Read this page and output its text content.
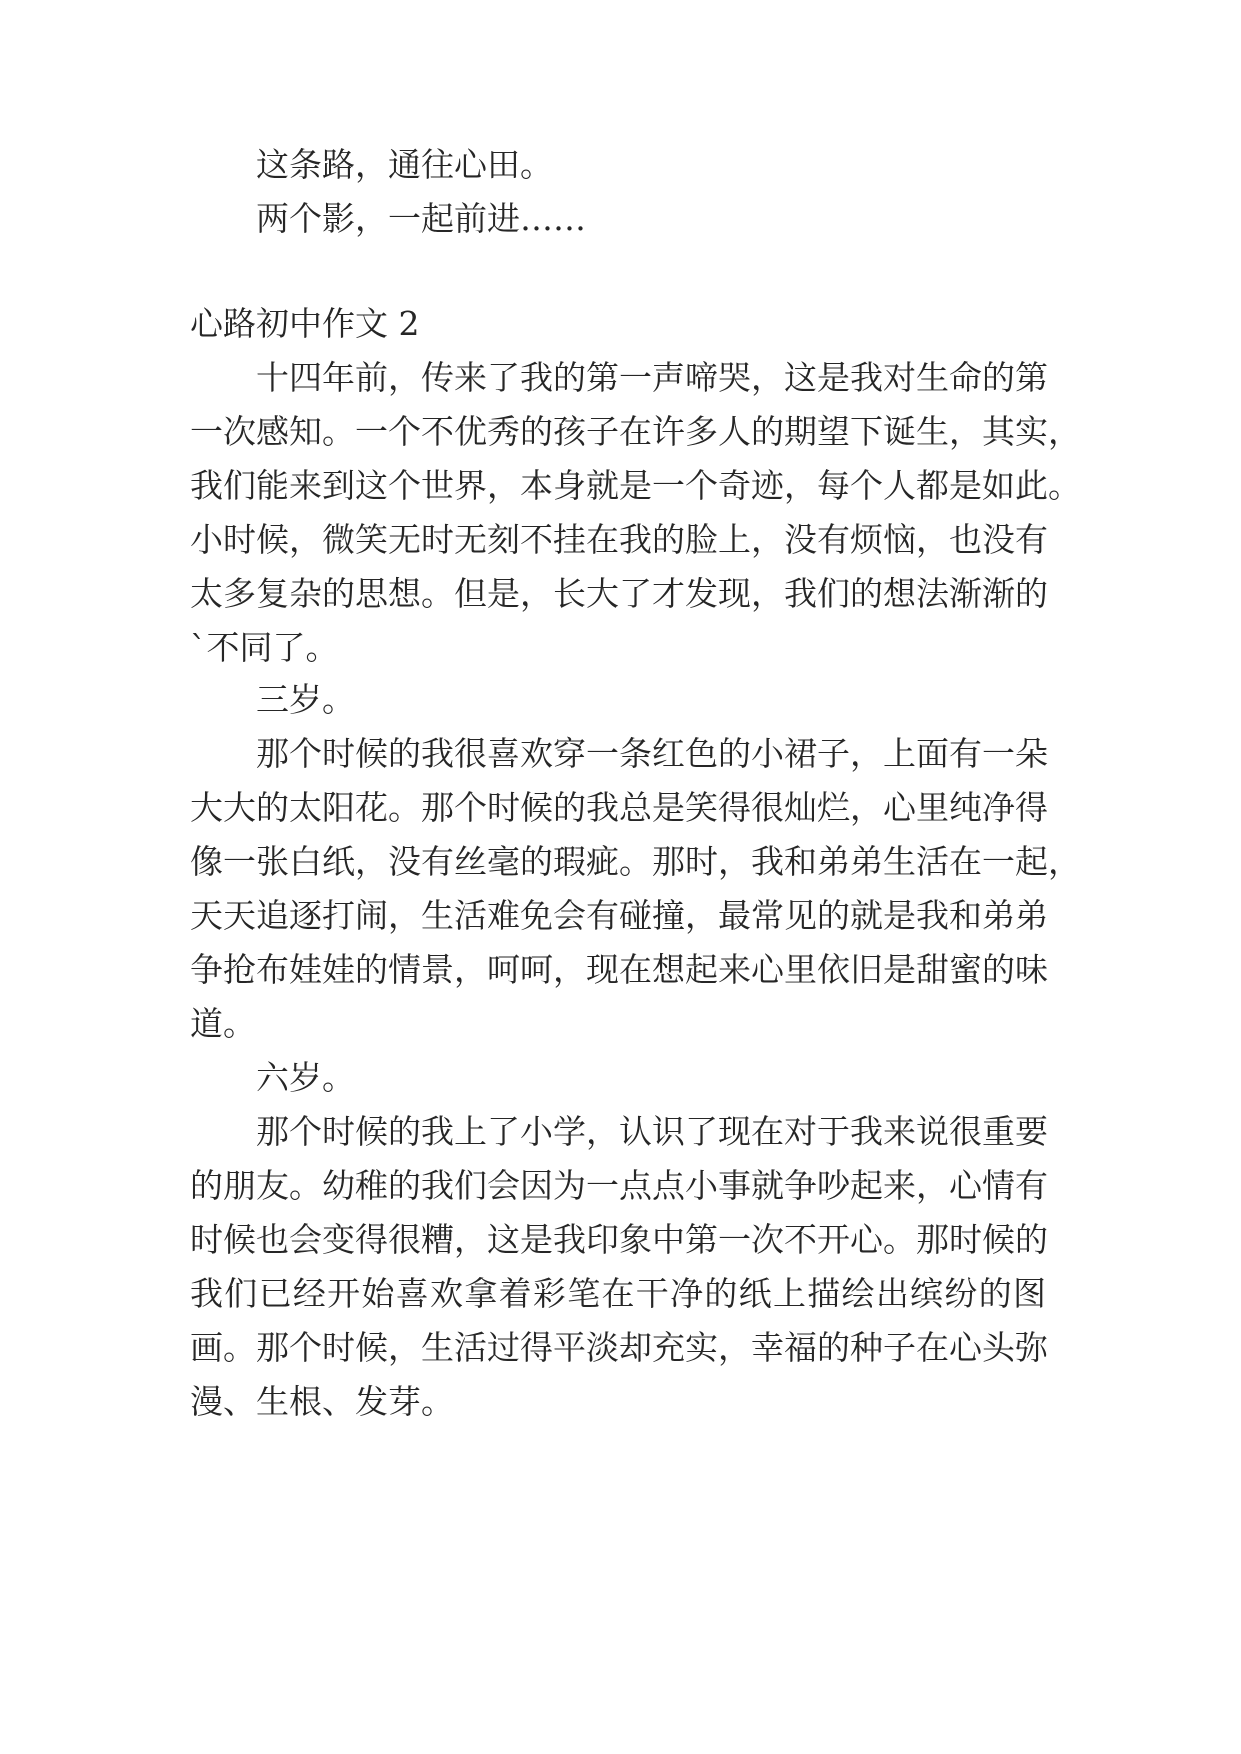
这条路，通往心田。

两个影，一起前进……

心路初中作文 2

十四年前，传来了我的第一声啼哭，这是我对生命的第

一次感知。一个不优秀的孩子在许多人的期望下诞生，其实，

我们能来到这个世界，本身就是一个奇迹，每个人都是如此。

小时候，微笑无时无刻不挂在我的脸上，没有烦恼，也没有

太多复杂的思想。但是，长大了才发现，我们的想法渐渐的

`不同了。

三岁。

那个时候的我很喜欢穿一条红色的小裙子，上面有一朵

大大的太阳花。那个时候的我总是笑得很灿烂，心里纯净得

像一张白纸，没有丝毫的瑕疵。那时，我和弟弟生活在一起，

天天追逐打闹，生活难免会有碰撞，最常见的就是我和弟弟

争抢布娃娃的情景，呵呵，现在想起来心里依旧是甜蜜的味

道。

六岁。

那个时候的我上了小学，认识了现在对于我来说很重要

的朋友。幼稚的我们会因为一点点小事就争吵起来，心情有

时候也会变得很糟，这是我印象中第一次不开心。那时候的

我们已经开始喜欢拿着彩笔在干净的纸上描绘出缤纷的图

画。那个时候，生活过得平淡却充实，幸福的种子在心头弥

漫、生根、发芽。
